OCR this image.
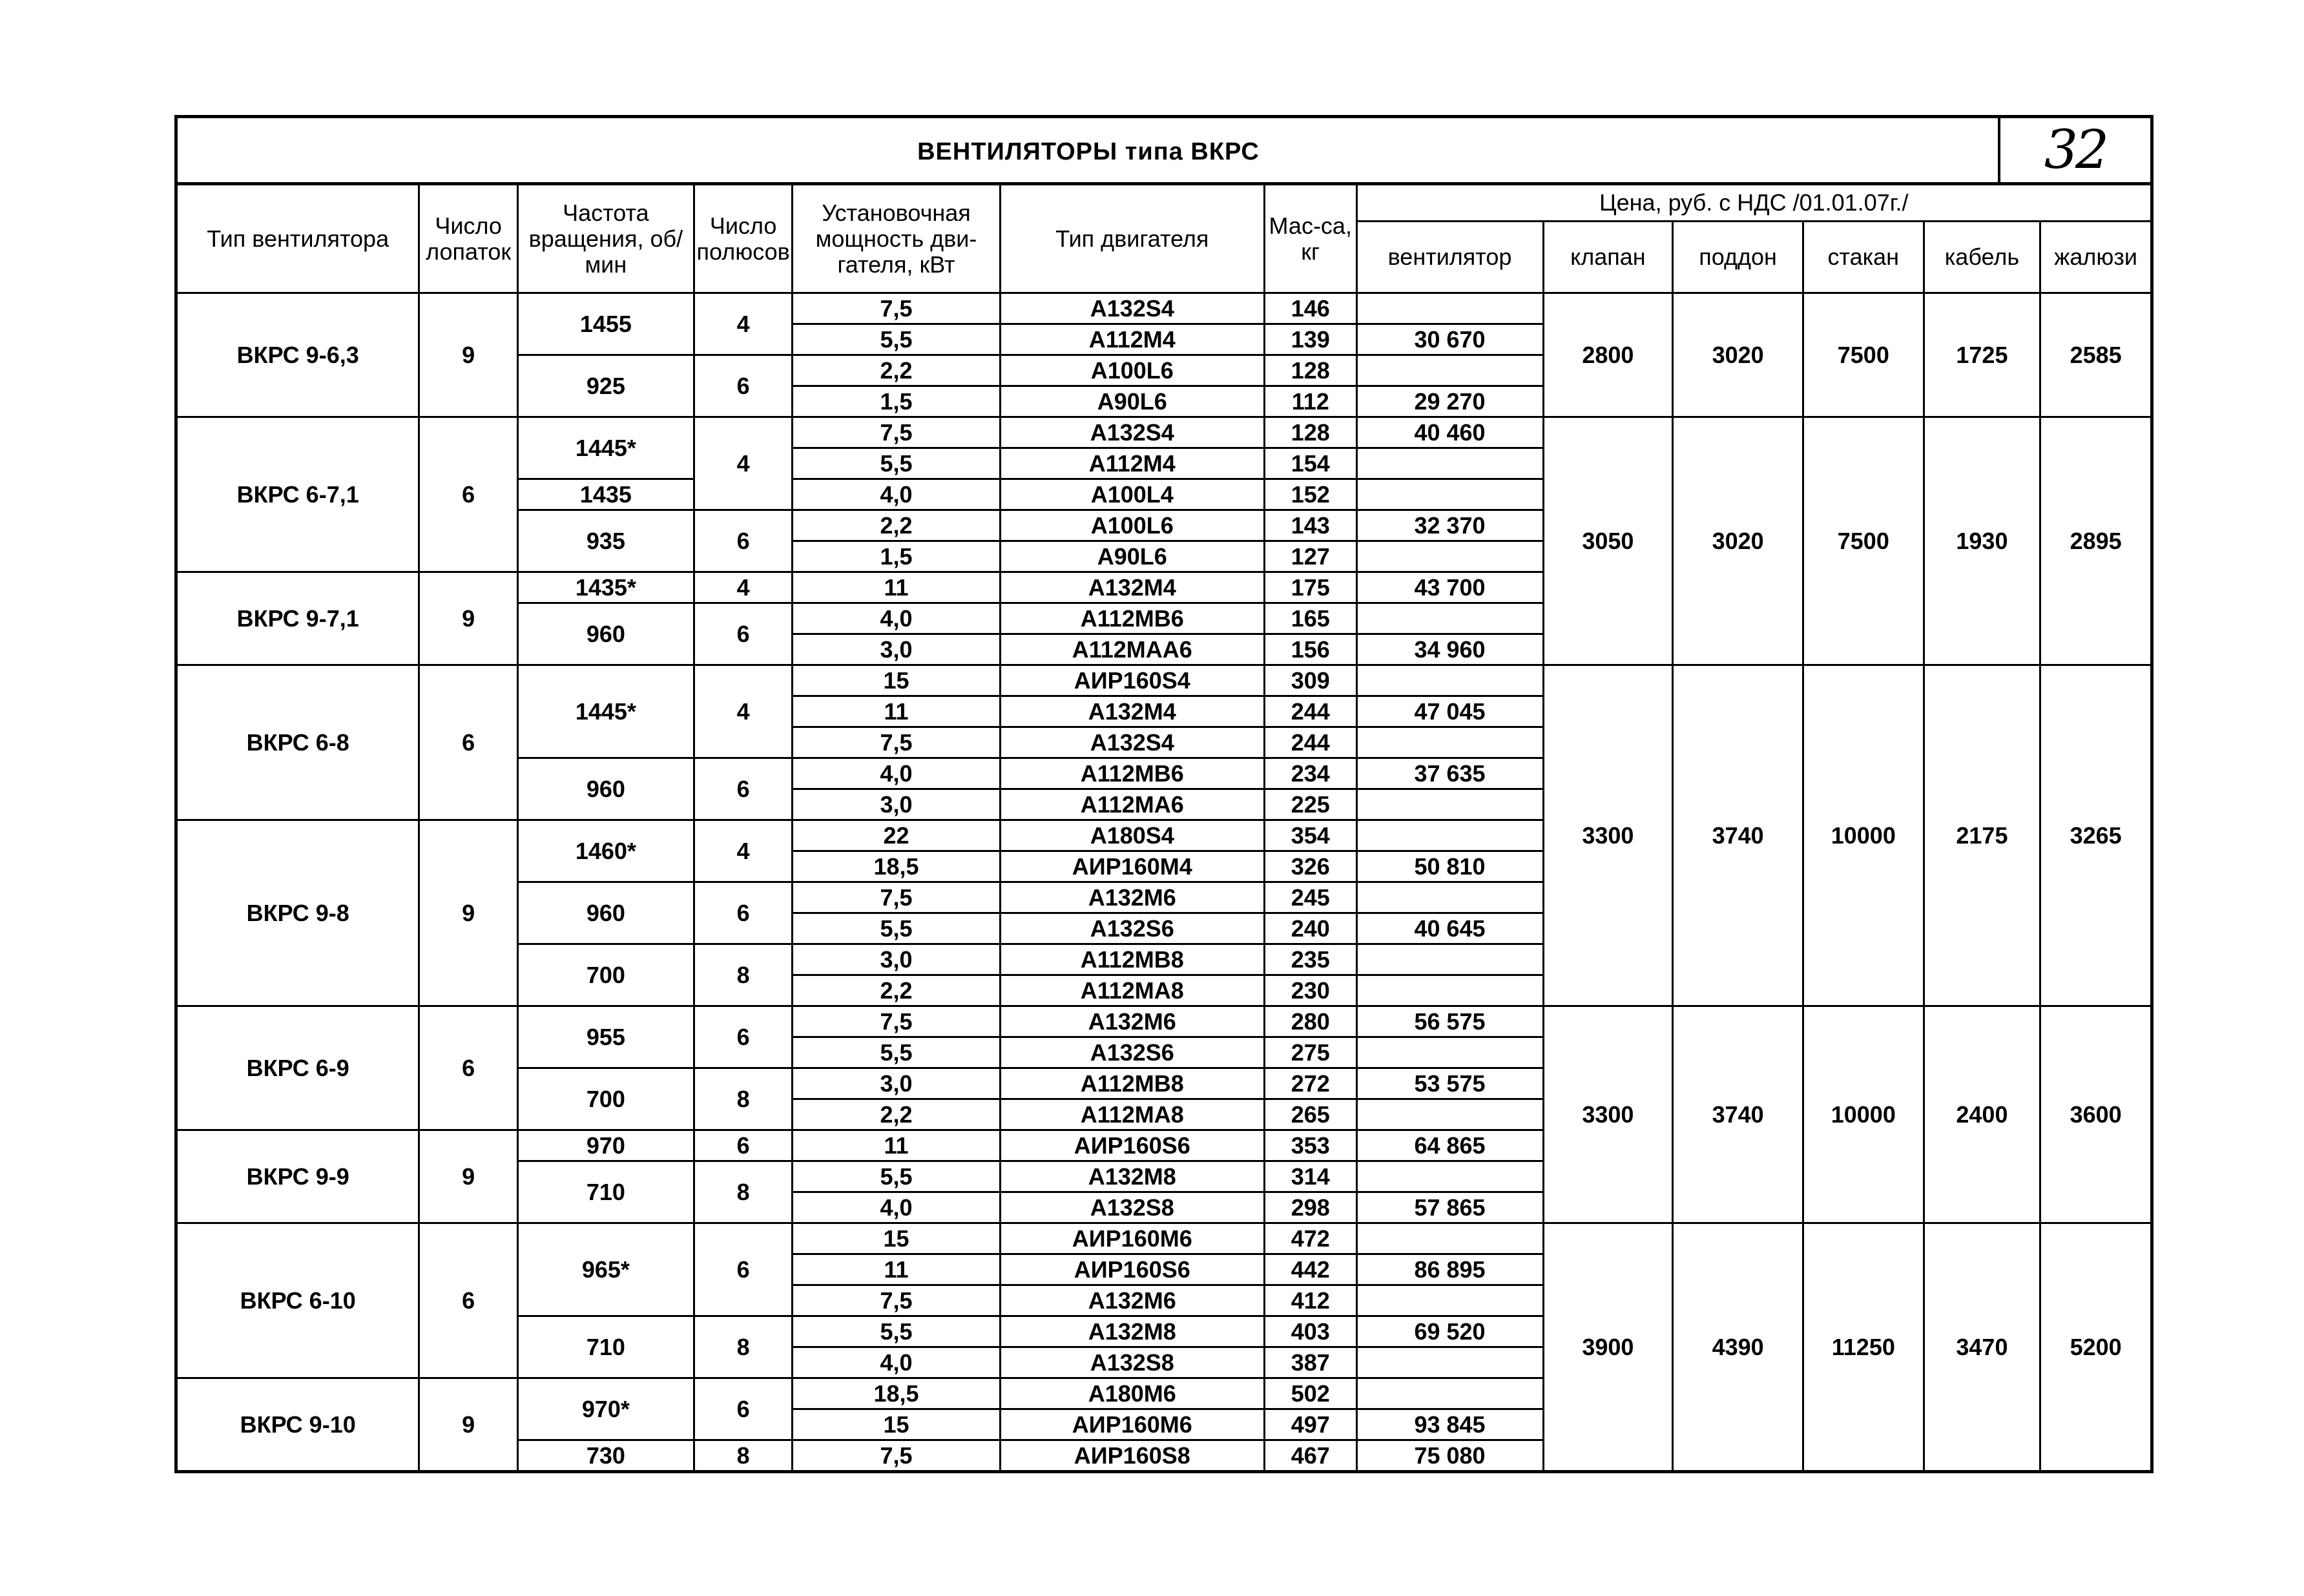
ВЕНТИЛЯТОРЫ типа ВКРС	32
Тип вентилятора	Число лопаток	Частота вращения, об/мин	Число полюсов	Установочная мощность дви-гателя, кВт	Тип двигателя	Мас-са, кг	Цена, руб. с НДС /01.01.07г./					
							вентилятор	клапан	поддон	стакан	кабель	жалюзи
ВКРС 9-6,3	9	1455	4	7,5	А132S4	146		2800	3020	7500	1725	2585
				5,5	А112М4	139	30 670					
		925	6	2,2	А100L6	128						
				1,5	А90L6	112	29 270					
ВКРС 6-7,1	6	1445*	4	7,5	А132S4	128	40 460	3050	3020	7500	1930	2895
				5,5	А112М4	154						
		1435		4,0	А100L4	152						
		935	6	2,2	А100L6	143	32 370					
				1,5	А90L6	127						
ВКРС 9-7,1	9	1435*	4	11	А132М4	175	43 700					
		960	6	4,0	А112МВ6	165						
				3,0	А112МАА6	156	34 960					
ВКРС 6-8	6	1445*	4	15	АИР160S4	309		3300	3740	10000	2175	3265
				11	А132М4	244	47 045					
				7,5	А132S4	244						
		960	6	4,0	А112МВ6	234	37 635					
				3,0	А112МА6	225						
ВКРС 9-8	9	1460*	4	22	А180S4	354						
				18,5	АИР160М4	326	50 810					
		960	6	7,5	А132М6	245						
				5,5	А132S6	240	40 645					
		700	8	3,0	А112МВ8	235						
				2,2	А112МА8	230						
ВКРС 6-9	6	955	6	7,5	А132М6	280	56 575	3300	3740	10000	2400	3600
				5,5	А132S6	275						
		700	8	3,0	А112МВ8	272	53 575					
				2,2	А112МА8	265						
ВКРС 9-9	9	970	6	11	АИР160S6	353	64 865					
		710	8	5,5	А132М8	314						
				4,0	А132S8	298	57 865					
ВКРС 6-10	6	965*	6	15	АИР160М6	472		3900	4390	11250	3470	5200
				11	АИР160S6	442	86 895					
				7,5	А132М6	412						
		710	8	5,5	А132М8	403	69 520					
				4,0	А132S8	387						
ВКРС 9-10	9	970*	6	18,5	А180М6	502						
				15	АИР160М6	497	93 845					
		730	8	7,5	АИР160S8	467	75 080					
